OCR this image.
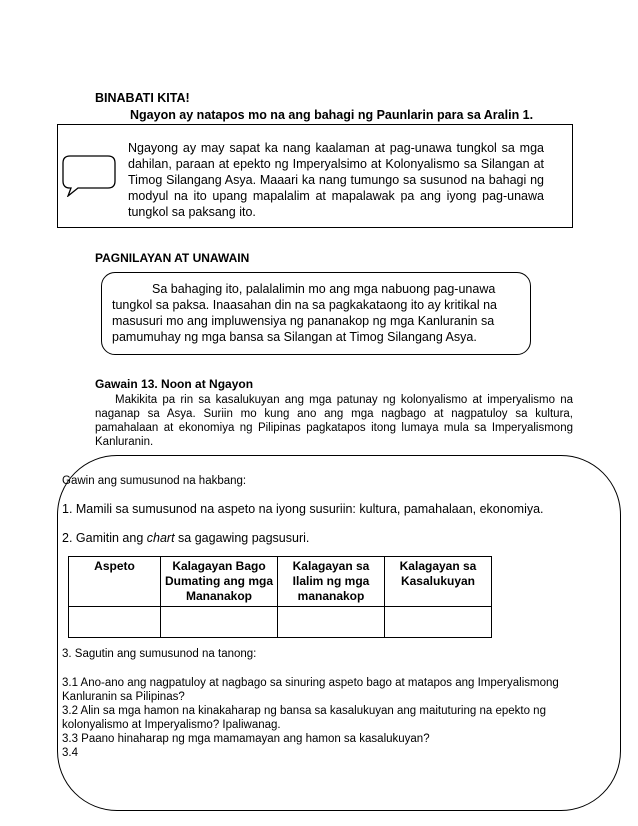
BINABATI KITA!
Ngayon ay natapos mo na ang bahagi ng Paunlarin para sa Aralin 1.
Ngayong ay may sapat ka nang kaalaman at pag-unawa tungkol sa mga dahilan, paraan at epekto ng Imperyalsimo at Kolonyalismo sa Silangan at Timog Silangang Asya. Maaari ka nang tumungo sa susunod na bahagi ng modyul na ito upang mapalalim at mapalawak pa ang iyong pag-unawa tungkol sa paksang ito.
PAGNILAYAN AT UNAWAIN

Sa bahaging ito, palalalimin mo ang mga nabuong pag-unawa tungkol sa paksa. Inaasahan din na sa pagkakataong ito ay kritikal na masusuri mo ang impluwensiya ng pananakop ng mga Kanluranin sa pamumuhay ng mga bansa sa Silangan at Timog Silangang Asya.

Gawain 13. Noon at Ngayon
Makikita pa rin sa kasalukuyan ang mga patunay ng kolonyalismo at imperyalismo na naganap sa Asya. Suriin mo kung ano ang mga nagbago at nagpatuloy sa kultura, pamahalaan at ekonomiya ng Pilipinas pagkatapos itong lumaya mula sa Imperyalismong Kanluranin.
Gawin ang sumusunod na hakbang:
1. Mamili sa sumusunod na aspeto na iyong susuriin: kultura, pamahalaan, ekonomiya.
2. Gamitin ang chart sa gagawing pagsusuri.
Aspeto	Kalagayan Bago Dumating ang mga Mananakop	Kalagayan sa Ilalim ng mga mananakop	Kalagayan sa Kasalukuyan

3. Sagutin ang sumusunod na tanong:
3.1 Ano-ano ang nagpatuloy at nagbago sa sinuring aspeto bago at matapos ang Imperyalismong Kanluranin sa Pilipinas?
3.2 Alin sa mga hamon na kinakaharap ng bansa sa kasalukuyan ang maituturing na epekto ng kolonyalismo at Imperyalismo? Ipaliwanag.
3.3 Paano hinaharap ng mga mamamayan ang hamon sa kasalukuyan?
3.4
